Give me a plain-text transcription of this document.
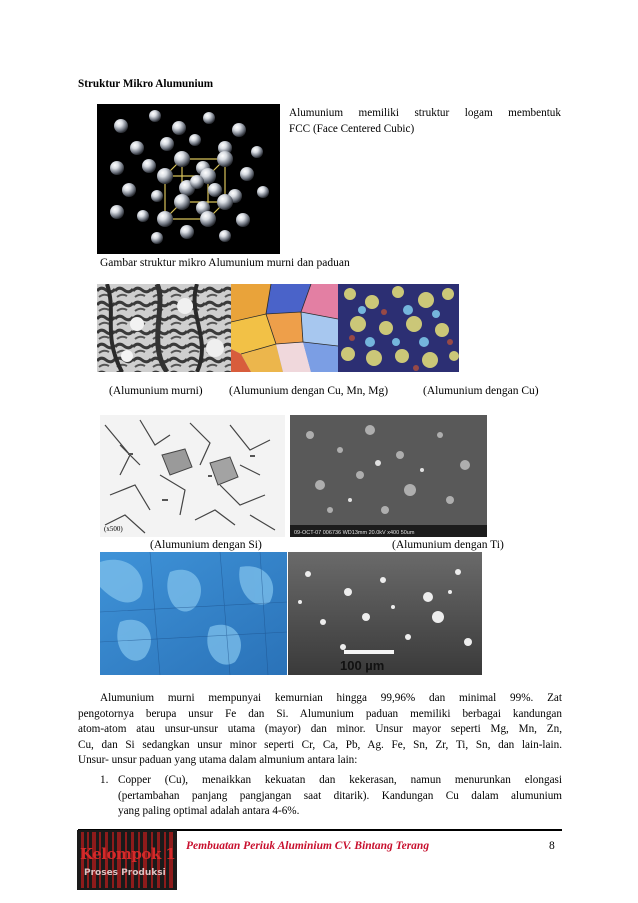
Struktur Mikro Alumunium
Alumunium memiliki struktur logam membentuk
FCC (Face Centered Cubic)
Gambar struktur mikro Alumunium murni dan paduan
(Alumunium murni) (Alumunium dengan Cu, Mn, Mg)	(Alumunium dengan Cu)
(x500)	09-OCT-07 006736 WD13mm 20.0kV x400 50um
(Alumunium dengan Si)	(Alumunium dengan Ti)
100 µm
Alumunium murni mempunyai kemurnian hingga 99,96% dan minimal 99%. Zat
pengotornya berupa unsur Fe dan Si. Alumunium paduan memiliki berbagai kandungan
atom-atom atau unsur-unsur utama (mayor) dan minor. Unsur mayor seperti Mg, Mn, Zn,
Cu, dan Si sedangkan unsur minor seperti Cr, Ca, Pb, Ag. Fe, Sn, Zr, Ti, Sn, dan lain-lain.
Unsur- unsur paduan yang utama dalam almunium antara lain:
1. Copper (Cu), menaikkan kekuatan dan kekerasan, namun menurunkan elongasi
(pertambahan panjang pangjangan saat ditarik). Kandungan Cu dalam alumunium
yang paling optimal adalah antara 4-6%.
Kelompok 1
Proses Produksi
Pembuatan Periuk Aluminium CV. Bintang Terang	8
